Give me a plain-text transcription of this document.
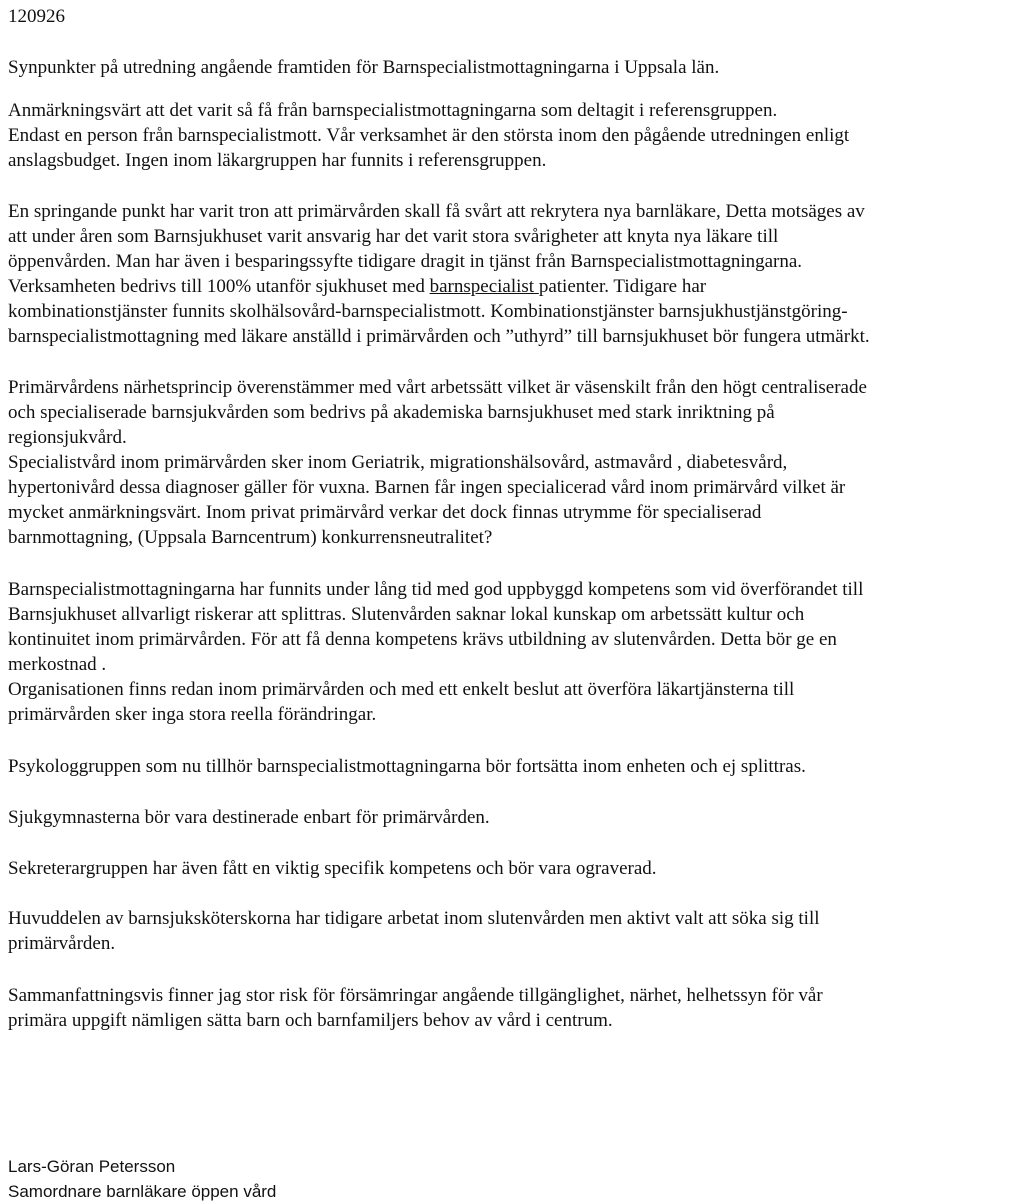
120926
Synpunkter på utredning angående framtiden för Barnspecialistmottagningarna i Uppsala län.
Anmärkningsvärt att det varit så få från barnspecialistmottagningarna som deltagit i referensgruppen.
Endast en person från barnspecialistmott. Vår verksamhet är den största inom den pågående utredningen enligt
anslagsbudget. Ingen inom läkargruppen har funnits i referensgruppen.
En springande punkt har varit tron att primärvården skall få svårt att rekrytera nya barnläkare, Detta motsäges av
att under åren som Barnsjukhuset varit ansvarig har det varit stora svårigheter att knyta nya läkare till
öppenvården. Man har även i besparingssyfte tidigare dragit in tjänst från Barnspecialistmottagningarna.
Verksamheten bedrivs till 100% utanför sjukhuset med barnspecialist patienter. Tidigare har
kombinationstjänster funnits skolhälsovård-barnspecialistmott. Kombinationstjänster barnsjukhustjänstgöring-
barnspecialistmottagning med läkare anställd i primärvården och ”uthyrd” till barnsjukhuset bör fungera utmärkt.
Primärvårdens närhetsprincip överenstämmer med vårt arbetssätt vilket är väsenskilt från den högt centraliserade
och specialiserade barnsjukvården som bedrivs på akademiska barnsjukhuset med stark inriktning på
regionsjukvård.
Specialistvård inom primärvården sker inom Geriatrik, migrationshälsovård, astmavård , diabetesvård,
hypertonivård dessa diagnoser gäller för vuxna. Barnen får ingen specialicerad vård inom primärvård vilket är
mycket anmärkningsvärt. Inom privat primärvård verkar det dock finnas utrymme för specialiserad
barnmottagning, (Uppsala Barncentrum) konkurrensneutralitet?
Barnspecialistmottagningarna har funnits under lång tid med god uppbyggd kompetens som vid överförandet till
Barnsjukhuset allvarligt riskerar att splittras. Slutenvården saknar lokal kunskap om arbetssätt kultur och
kontinuitet inom primärvården. För att få denna kompetens krävs utbildning av slutenvården. Detta bör ge en
merkostnad .
Organisationen finns redan inom primärvården och med ett enkelt beslut att överföra läkartjänsterna till
primärvården sker inga stora reella förändringar.
Psykologgruppen som nu tillhör barnspecialistmottagningarna bör fortsätta inom enheten och ej splittras.
Sjukgymnasterna bör vara destinerade enbart för primärvården.
Sekreterargruppen har även fått en viktig specifik kompetens och bör vara ograverad.
Huvuddelen av barnsjuksköterskorna har tidigare arbetat inom slutenvården men aktivt valt att söka sig till
primärvården.
Sammanfattningsvis finner jag stor risk för försämringar angående tillgänglighet, närhet, helhetssyn för vår
primära uppgift nämligen sätta barn och barnfamiljers behov av vård i centrum.
Lars-Göran Petersson
Samordnare barnläkare öppen vård
